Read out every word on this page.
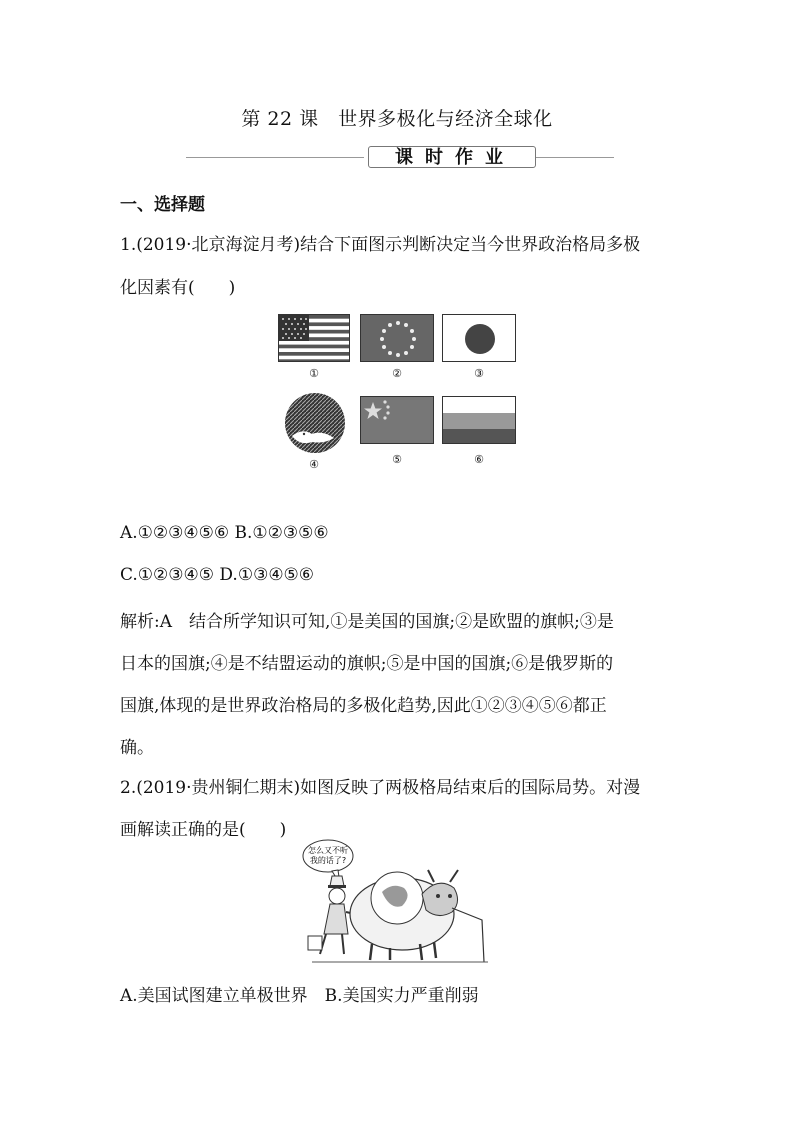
第 22 课　世界多极化与经济全球化
课时作业
一、选择题
1.(2019·北京海淀月考)结合下面图示判断决定当今世界政治格局多极
化因素有(　　)
①	②	③
④	⑤	⑥
A.①②③④⑤⑥ B.①②③⑤⑥
C.①②③④⑤ D.①③④⑤⑥
解析:A　结合所学知识可知,①是美国的国旗;②是欧盟的旗帜;③是
日本的国旗;④是不结盟运动的旗帜;⑤是中国的国旗;⑥是俄罗斯的
国旗,体现的是世界政治格局的多极化趋势,因此①②③④⑤⑥都正
确。
2.(2019·贵州铜仁期末)如图反映了两极格局结束后的国际局势。对漫
画解读正确的是(　　)
怎么又不听
我的话了?
A.美国试图建立单极世界　B.美国实力严重削弱
